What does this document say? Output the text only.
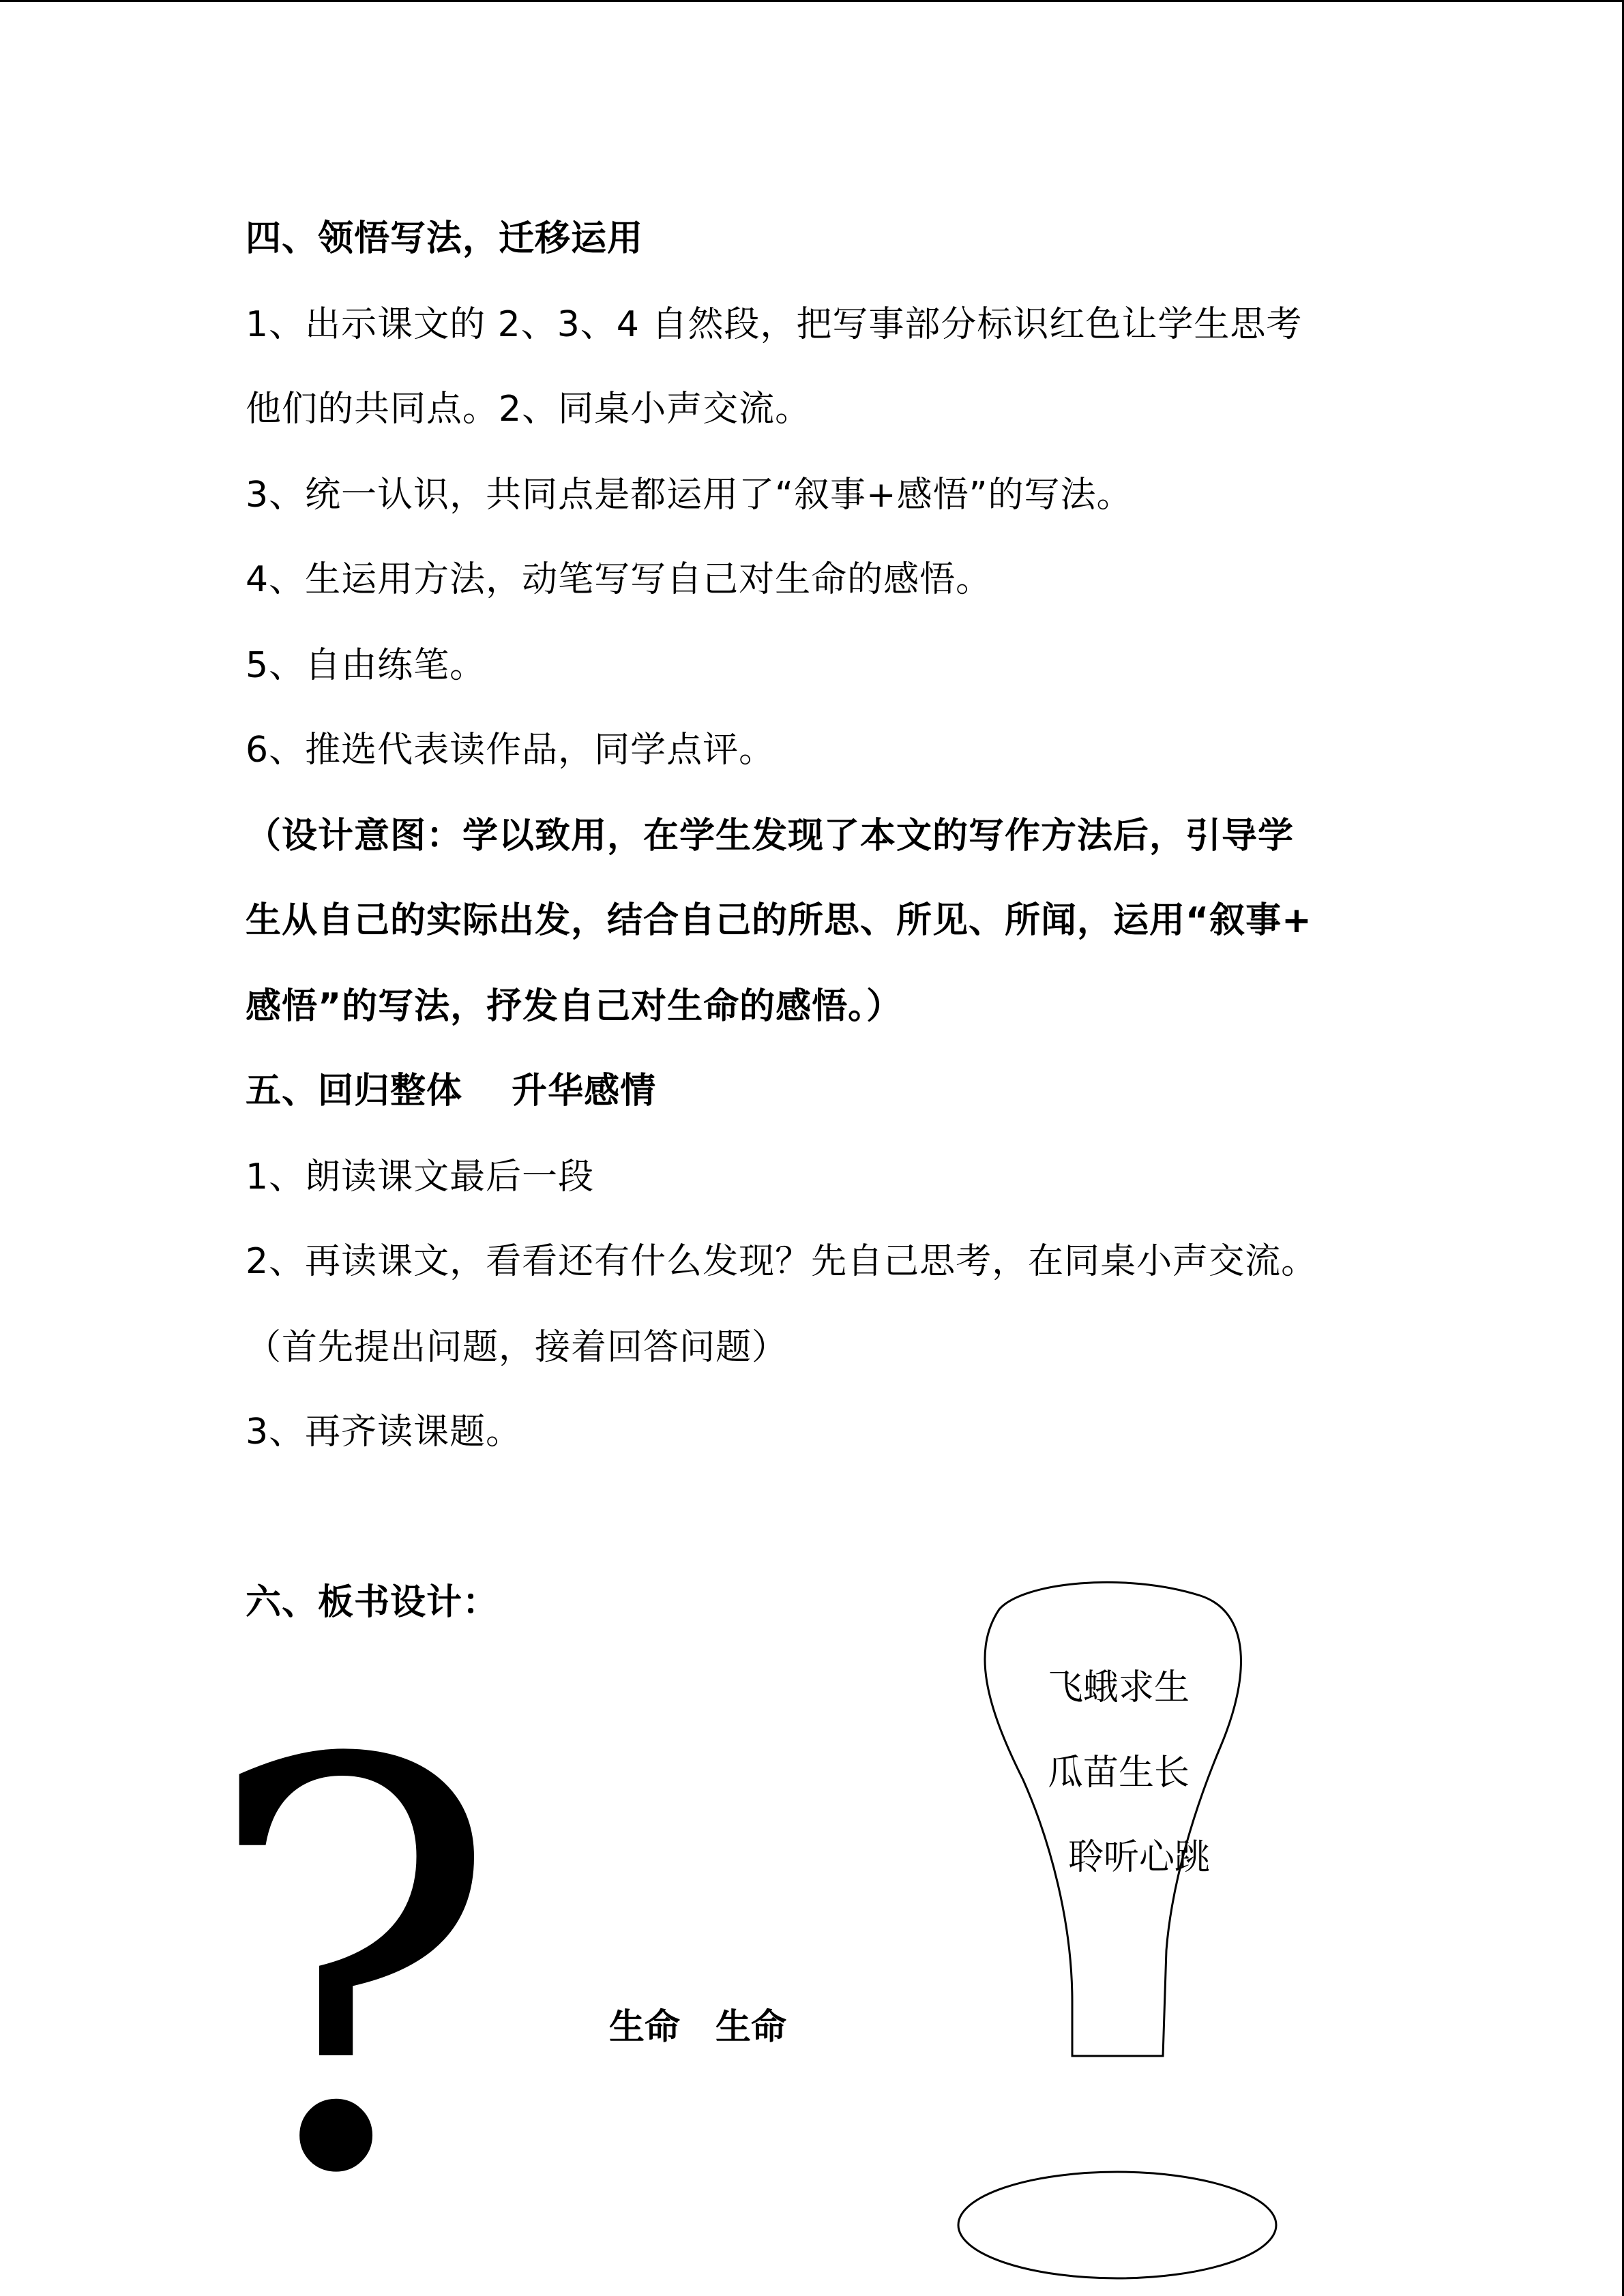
四、领悟写法，迁移运用
1、出示课文的 2、3、4 自然段，把写事部分标识红色让学生思考
他们的共同点。2、同桌小声交流。
3、统一认识，共同点是都运用了“叙事+感悟”的写法。
4、生运用方法，动笔写写自己对生命的感悟。
5、自由练笔。
6、推选代表读作品，同学点评。
（设计意图：学以致用，在学生发现了本文的写作方法后，引导学
生从自己的实际出发，结合自己的所思、所见、所闻，运用“叙事+
感悟”的写法，抒发自己对生命的感悟。）
五、回归整体　 升华感情
1、朗读课文最后一段
2、再读课文，看看还有什么发现？先自己思考，在同桌小声交流。
（首先提出问题，接着回答问题）
3、再齐读课题。
六、板书设计：
?	生命　生命
飞蛾求生
瓜苗生长
聆听心跳
